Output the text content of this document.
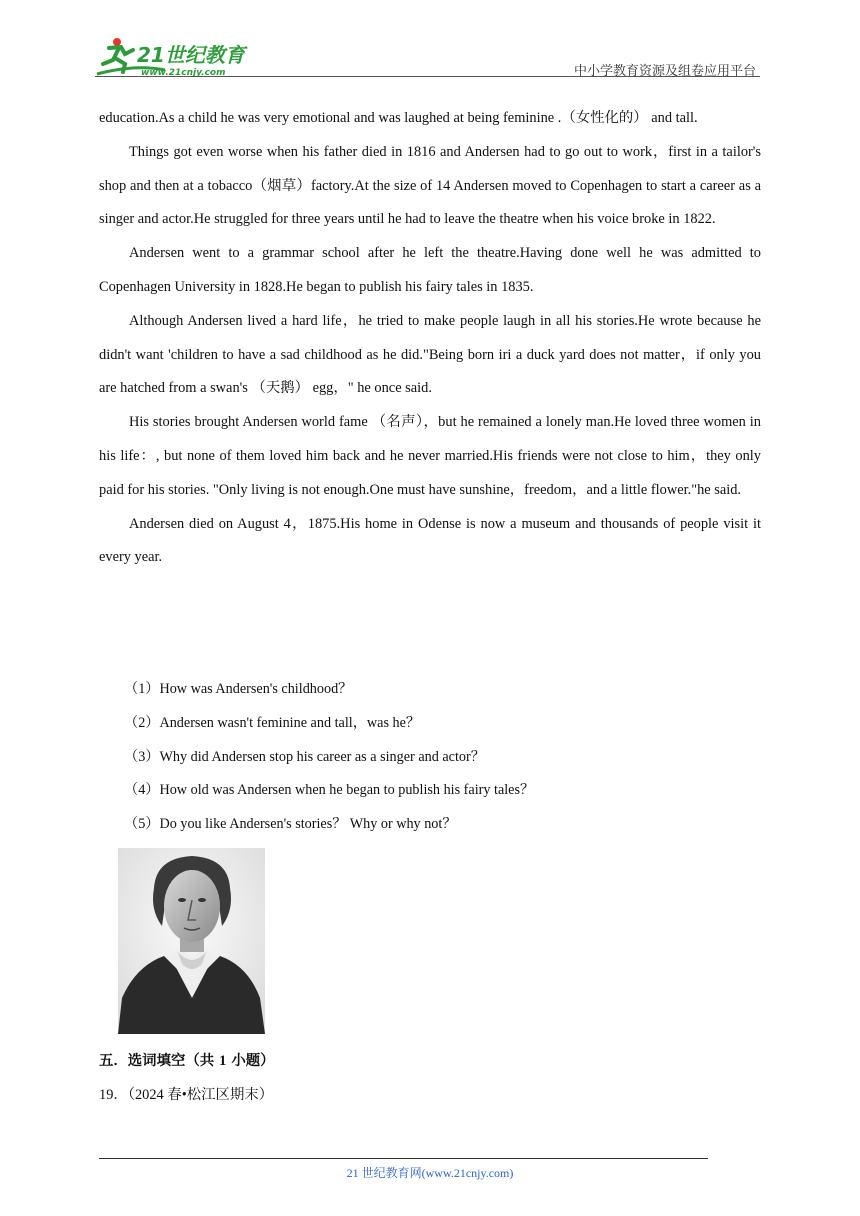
21世纪教育
www.21cnjy.com	中小学教育资源及组卷应用平台

education.As a child he was very emotional and was laughed at being feminine .（女性化的） and tall.

Things got even worse when his father died in 1816 and Andersen had to go out to work，first in a tailor's shop and then at a tobacco（烟草）factory.At the size of 14 Andersen moved to Copenhagen to start a career as a singer and actor.He struggled for three years until he had to leave the theatre when his voice broke in 1822.

Andersen went to a grammar school after he left the theatre.Having done well he was admitted to Copenhagen University in 1828.He began to publish his fairy tales in 1835.

Although Andersen lived a hard life，he tried to make people laugh in all his stories.He wrote because he didn't want 'children to have a sad childhood as he did."Being born iri a duck yard does not matter，if only you are hatched from a swan's （天鹅） egg，" he once said.

His stories brought Andersen world fame （名声），but he remained a lonely man.He loved three women in his life：, but none of them loved him back and he never married.His friends were not close to him，they only paid for his stories. "Only living is not enough.One must have sunshine，freedom，and a little flower."he said.

Andersen died on August 4，1875.His home in Odense is now a museum and thousands of people visit it every year.

（1）How was Andersen's childhood？
（2）Andersen wasn't feminine and tall，was he？
（3）Why did Andersen stop his career as a singer and actor？
（4）How old was Andersen when he began to publish his fairy tales？
（5）Do you like Andersen's stories？ Why or why not？
五．选词填空（共 1 小题）
19．（2024 春•松江区期末）
21 世纪教育网(www.21cnjy.com)
